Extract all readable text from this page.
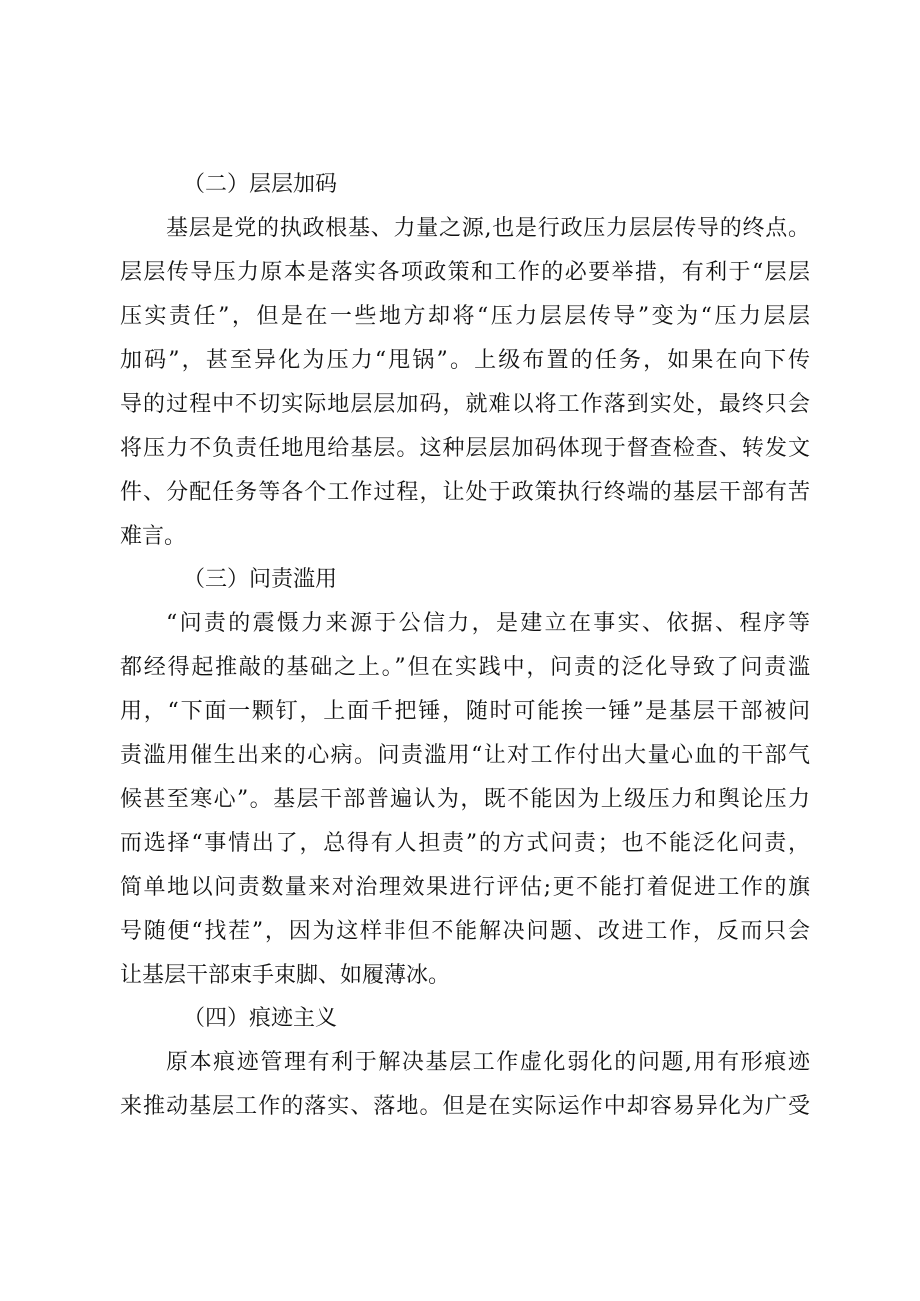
（二）层层加码
基层是党的执政根基、力量之源,也是行政压力层层传导的终点。
层层传导压力原本是落实各项政策和工作的必要举措，有利于“层层
压实责任”，但是在一些地方却将“压力层层传导”变为“压力层层
加码”，甚至异化为压力“甩锅”。上级布置的任务，如果在向下传
导的过程中不切实际地层层加码，就难以将工作落到实处，最终只会
将压力不负责任地甩给基层。这种层层加码体现于督查检查、转发文
件、分配任务等各个工作过程，让处于政策执行终端的基层干部有苦
难言。
（三）问责滥用
“问责的震慑力来源于公信力，是建立在事实、依据、程序等
都经得起推敲的基础之上。”但在实践中，问责的泛化导致了问责滥
用，“下面一颗钉，上面千把锤，随时可能挨一锤”是基层干部被问
责滥用催生出来的心病。问责滥用“让对工作付出大量心血的干部气
候甚至寒心”。基层干部普遍认为，既不能因为上级压力和舆论压力
而选择“事情出了，总得有人担责”的方式问责；也不能泛化问责，
简单地以问责数量来对治理效果进行评估;更不能打着促进工作的旗
号随便“找茬”，因为这样非但不能解决问题、改进工作，反而只会
让基层干部束手束脚、如履薄冰。
（四）痕迹主义
原本痕迹管理有利于解决基层工作虚化弱化的问题,用有形痕迹
来推动基层工作的落实、落地。但是在实际运作中却容易异化为广受
